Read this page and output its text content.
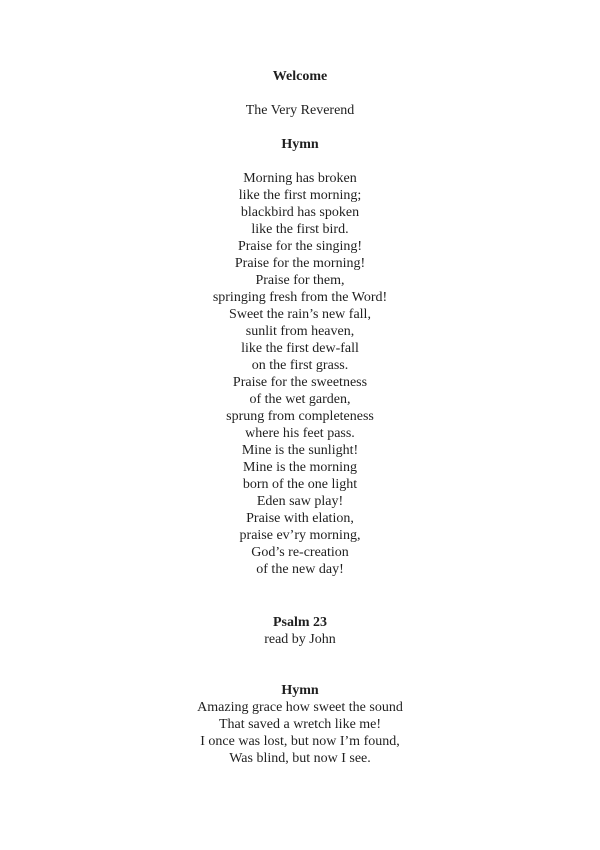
Welcome
The Very Reverend
Hymn
Morning has broken
like the first morning;
blackbird has spoken
like the first bird.
Praise for the singing!
Praise for the morning!
Praise for them,
springing fresh from the Word!
Sweet the rain’s new fall,
sunlit from heaven,
like the first dew-fall
on the first grass.
Praise for the sweetness
of the wet garden,
sprung from completeness
where his feet pass.
Mine is the sunlight!
Mine is the morning
born of the one light
Eden saw play!
Praise with elation,
praise ev’ry morning,
God’s re-creation
of the new day!
Psalm 23
read by John
Hymn
Amazing grace how sweet the sound
That saved a wretch like me!
I once was lost, but now I’m found,
Was blind, but now I see.
